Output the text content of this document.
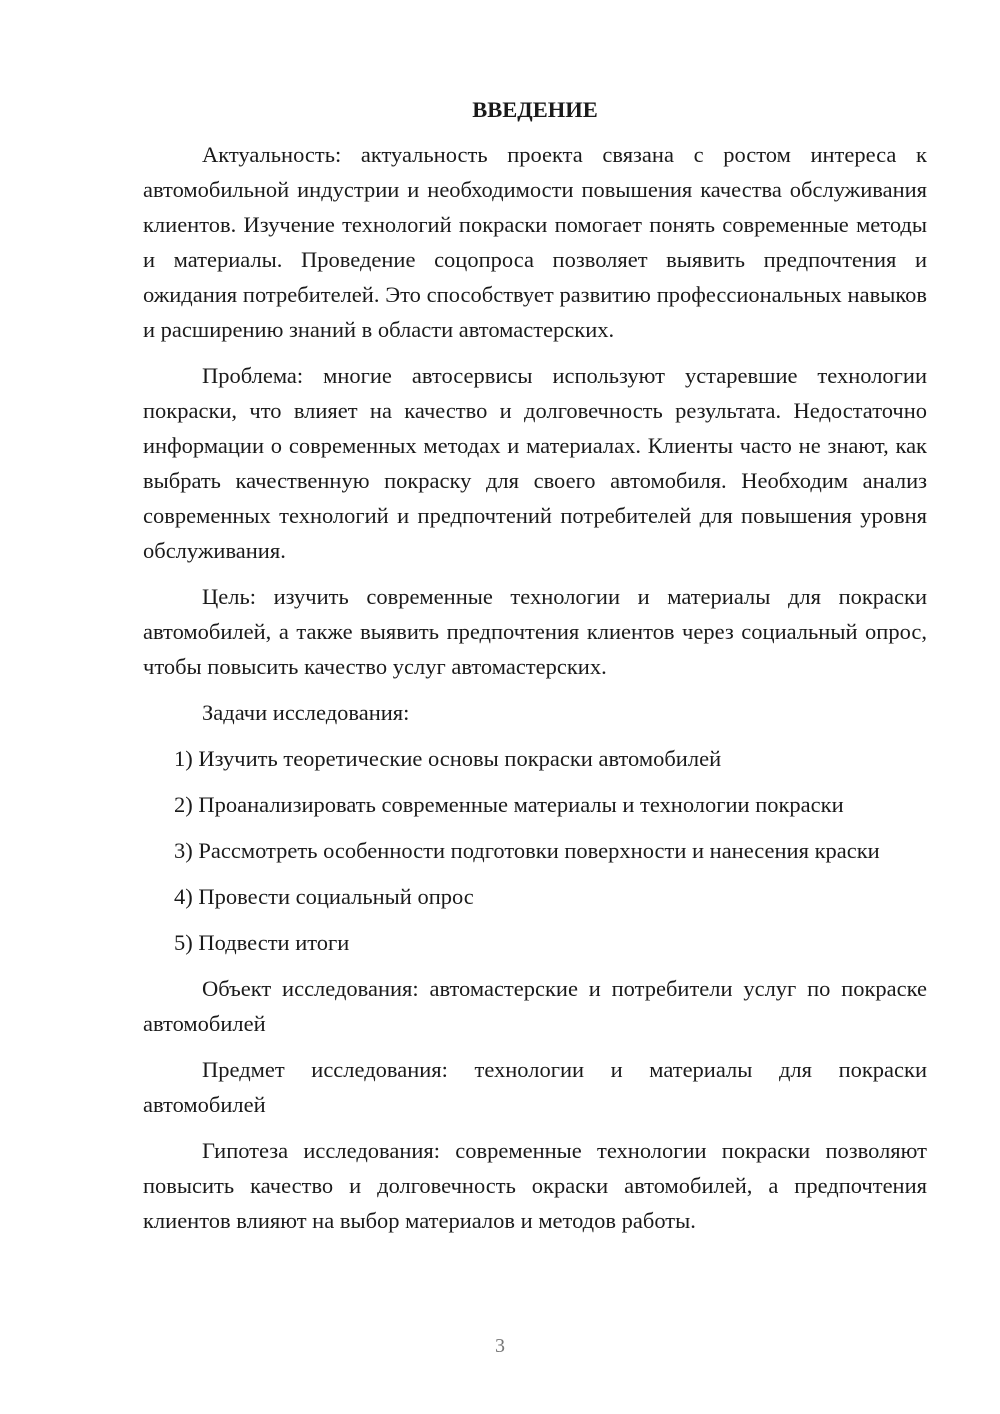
ВВЕДЕНИЕ

Актуальность: актуальность проекта связана с ростом интереса к автомобильной индустрии и необходимости повышения качества обслуживания клиентов. Изучение технологий покраски помогает понять современные методы и материалы. Проведение соцопроса позволяет выявить предпочтения и ожидания потребителей. Это способствует развитию профессиональных навыков и расширению знаний в области автомастерских.

Проблема: многие автосервисы используют устаревшие технологии покраски, что влияет на качество и долговечность результата. Недостаточно информации о современных методах и материалах. Клиенты часто не знают, как выбрать качественную покраску для своего автомобиля. Необходим анализ современных технологий и предпочтений потребителей для повышения уровня обслуживания.

Цель: изучить современные технологии и материалы для покраски автомобилей, а также выявить предпочтения клиентов через социальный опрос, чтобы повысить качество услуг автомастерских.

Задачи исследования:

1) Изучить теоретические основы покраски автомобилей

2) Проанализировать современные материалы и технологии покраски

3) Рассмотреть особенности подготовки поверхности и нанесения краски

4) Провести социальный опрос

5) Подвести итоги

Объект исследования: автомастерские и потребители услуг по покраске автомобилей

Предмет исследования: технологии и материалы для покраски автомобилей

Гипотеза исследования: современные технологии покраски позволяют повысить качество и долговечность окраски автомобилей, а предпочтения клиентов влияют на выбор материалов и методов работы.

3
